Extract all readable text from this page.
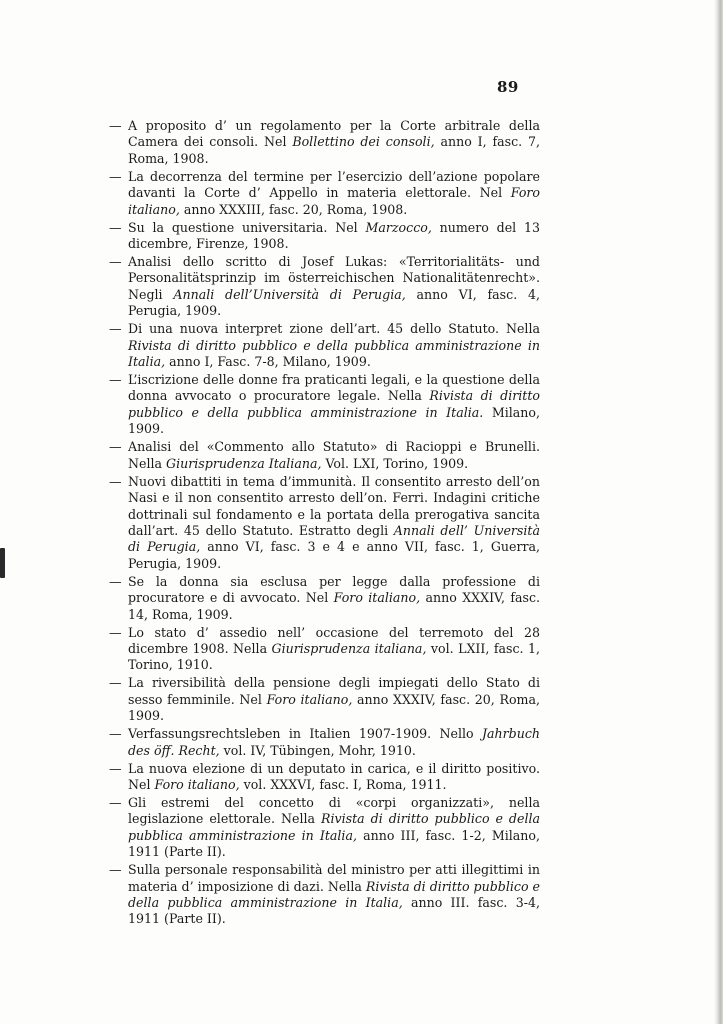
89
— A proposito d’ un regolamento per la Corte arbitrale della Camera dei consoli. Nel Bollettino dei consoli, anno I, fasc. 7, Roma, 1908.
— La decorrenza del termine per l’esercizio dell’azione popolare davanti la Corte d’ Appello in materia elettorale. Nel Foro italiano, anno XXXIII, fasc. 20, Roma, 1908.
— Su la questione universitaria. Nel Marzocco, numero del 13 dicembre, Firenze, 1908.
— Analisi dello scritto di Josef Lukas: «Territorialitäts- und Personalitätsprinzip im österreichischen Nationalitätenrecht». Negli Annali dell’Università di Perugia, anno VI, fasc. 4, Perugia, 1909.
— Di una nuova interpret zione dell’art. 45 dello Statuto. Nella Rivista di diritto pubblico e della pubblica amministrazione in Italia, anno I, Fasc. 7-8, Milano, 1909.
— L’iscrizione delle donne fra praticanti legali, e la questione della donna avvocato o procuratore legale. Nella Rivista di diritto pubblico e della pubblica amministrazione in Italia. Milano, 1909.
— Analisi del «Commento allo Statuto» di Racioppi e Brunelli. Nella Giurisprudenza Italiana, Vol. LXI, Torino, 1909.
— Nuovi dibattiti in tema d’immunità. Il consentito arresto dell’on Nasi e il non consentito arresto dell’on. Ferri. Indagini critiche dottrinali sul fondamento e la portata della prerogativa sancita dall’art. 45 dello Statuto. Estratto degli Annali dell’ Università di Perugia, anno VI, fasc. 3 e 4 e anno VII, fasc. 1, Guerra, Perugia, 1909.
— Se la donna sia esclusa per legge dalla professione di procuratore e di avvocato. Nel Foro italiano, anno XXXIV, fasc. 14, Roma, 1909.
— Lo stato d’ assedio nell’ occasione del terremoto del 28 dicembre 1908. Nella Giurisprudenza italiana, vol. LXII, fasc. 1, Torino, 1910.
— La riversibilità della pensione degli impiegati dello Stato di sesso femminile. Nel Foro italiano, anno XXXIV, fasc. 20, Roma, 1909.
— Verfassungsrechtsleben in Italien 1907-1909. Nello Jahrbuch des öff. Recht, vol. IV, Tübingen, Mohr, 1910.
— La nuova elezione di un deputato in carica, e il diritto positivo. Nel Foro italiano, vol. XXXVI, fasc. I, Roma, 1911.
— Gli estremi del concetto di «corpi organizzati», nella legislazione elettorale. Nella Rivista di diritto pubblico e della pubblica amministrazione in Italia, anno III, fasc. 1-2, Milano, 1911 (Parte II).
— Sulla personale responsabilità del ministro per atti illegittimi in materia d’ imposizione di dazi. Nella Rivista di diritto pubblico e della pubblica amministrazione in Italia, anno III. fasc. 3-4, 1911 (Parte II).
